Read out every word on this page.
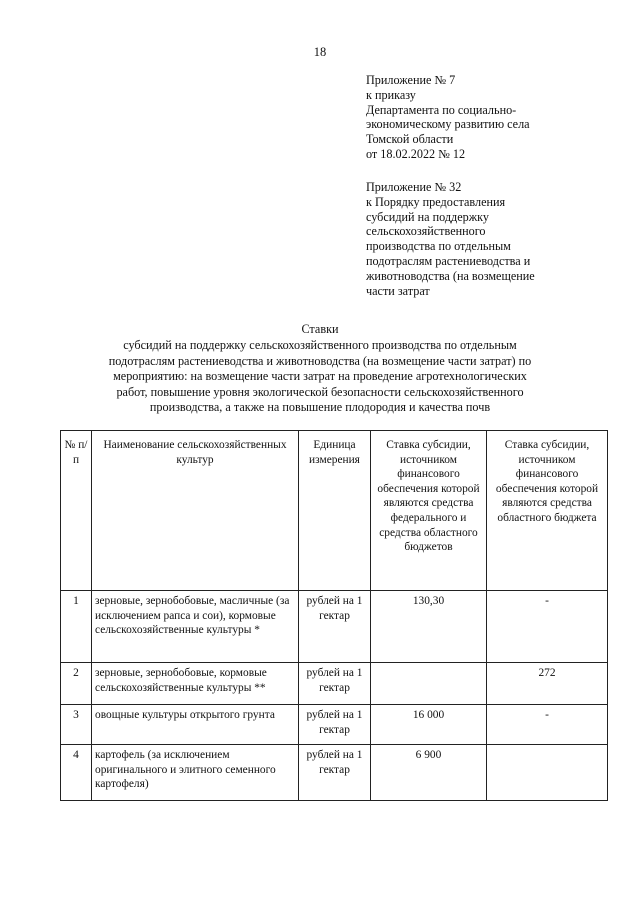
18
Приложение № 7
к приказу
Департамента по социально-
экономическому развитию села
Томской области
от 18.02.2022 № 12
Приложение № 32
к Порядку предоставления
субсидий на поддержку
сельскохозяйственного
производства по отдельным
подотраслям растениеводства и
животноводства (на возмещение
части затрат
Ставки
субсидий на поддержку сельскохозяйственного производства по отдельным
подотраслям растениеводства и животноводства (на возмещение части затрат) по
мероприятию: на возмещение части затрат на проведение агротехнологических
работ, повышение уровня экологической безопасности сельскохозяйственного
производства, а также на повышение плодородия и качества почв
№ п/п	Наименование сельскохозяйственных культур	Единица измерения	Ставка субсидии, источником финансового обеспечения которой являются средства федерального и средства областного бюджетов	Ставка субсидии, источником финансового обеспечения которой являются средства областного бюджета
1	зерновые, зернобобовые, масличные (за исключением рапса и сои), кормовые сельскохозяйственные культуры *	рублей на 1 гектар	130,30	-
2	зерновые, зернобобовые, кормовые сельскохозяйственные культуры **	рублей на 1 гектар		272
3	овощные культуры открытого грунта	рублей на 1 гектар	16 000	-
4	картофель (за исключением оригинального и элитного семенного картофеля)	рублей на 1 гектар	6 900	
